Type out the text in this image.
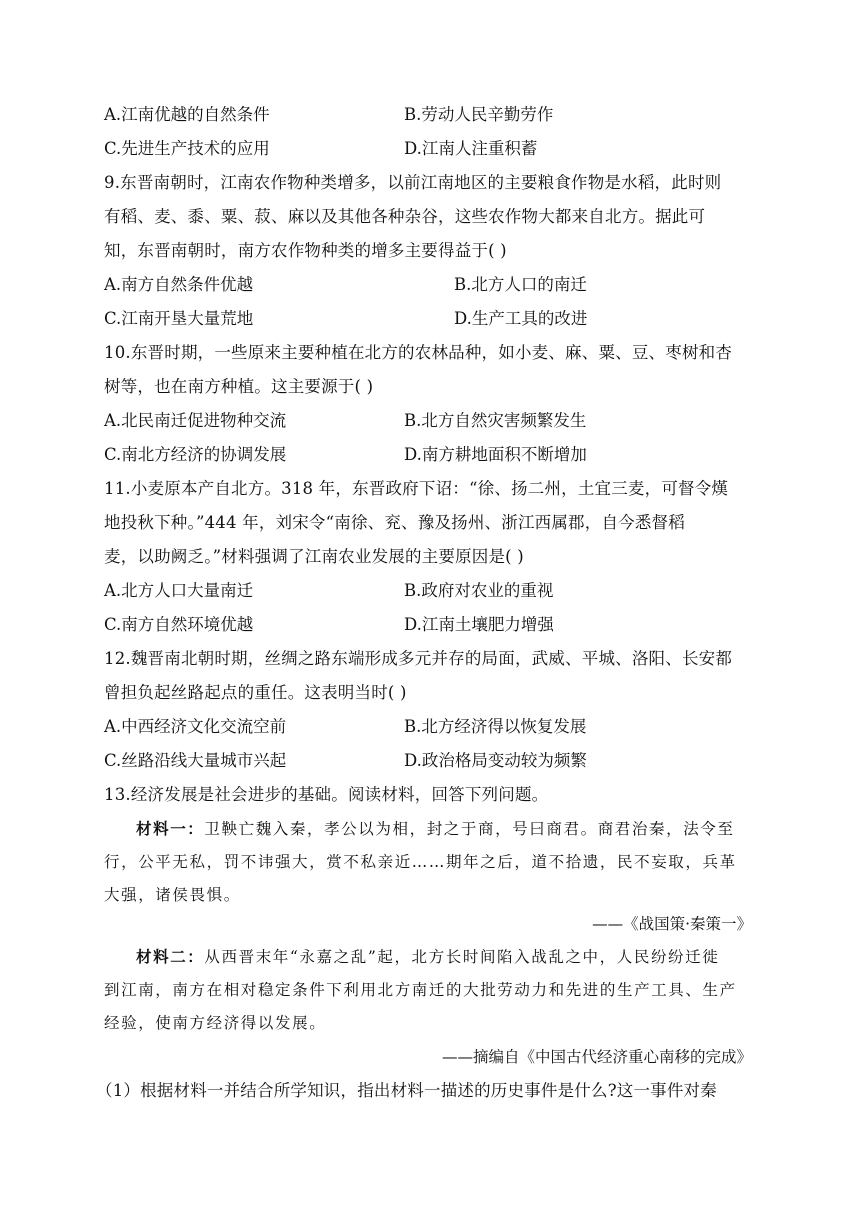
A.江南优越的自然条件	B.劳动人民辛勤劳作
C.先进生产技术的应用	D.江南人注重积蓄
9.东晋南朝时，江南农作物种类增多，以前江南地区的主要粮食作物是水稻，此时则
有稻、麦、黍、粟、菽、麻以及其他各种杂谷，这些农作物大都来自北方。据此可
知，东晋南朝时，南方农作物种类的增多主要得益于( )
A.南方自然条件优越	B.北方人口的南迁
C.江南开垦大量荒地	D.生产工具的改进
10.东晋时期，一些原来主要种植在北方的农林品种，如小麦、麻、粟、豆、枣树和杏
树等，也在南方种植。这主要源于( )
A.北民南迁促进物种交流	B.北方自然灾害频繁发生
C.南北方经济的协调发展	D.南方耕地面积不断增加
11.小麦原本产自北方。318 年，东晋政府下诏：“徐、扬二州，土宜三麦，可督令熯
地投秋下种。”444 年，刘宋令“南徐、兖、豫及扬州、浙江西属郡，自今悉督稻
麦，以助阙乏。”材料强调了江南农业发展的主要原因是( )
A.北方人口大量南迁	B.政府对农业的重视
C.南方自然环境优越	D.江南土壤肥力增强
12.魏晋南北朝时期，丝绸之路东端形成多元并存的局面，武威、平城、洛阳、长安都
曾担负起丝路起点的重任。这表明当时( )
A.中西经济文化交流空前	B.北方经济得以恢复发展
C.丝路沿线大量城市兴起	D.政治格局变动较为频繁
13.经济发展是社会进步的基础。阅读材料，回答下列问题。
材料一：卫鞅亡魏入秦，孝公以为相，封之于商，号曰商君。商君治秦，法令至
行，公平无私，罚不讳强大，赏不私亲近……期年之后，道不拾遗，民不妄取，兵革
大强，诸侯畏惧。
——《战国策·秦策一》
材料二：从西晋末年“永嘉之乱”起，北方长时间陷入战乱之中，人民纷纷迁徙
到江南，南方在相对稳定条件下利用北方南迁的大批劳动力和先进的生产工具、生产
经验，使南方经济得以发展。
——摘编自《中国古代经济重心南移的完成》
（1）根据材料一并结合所学知识，指出材料一描述的历史事件是什么?这一事件对秦
